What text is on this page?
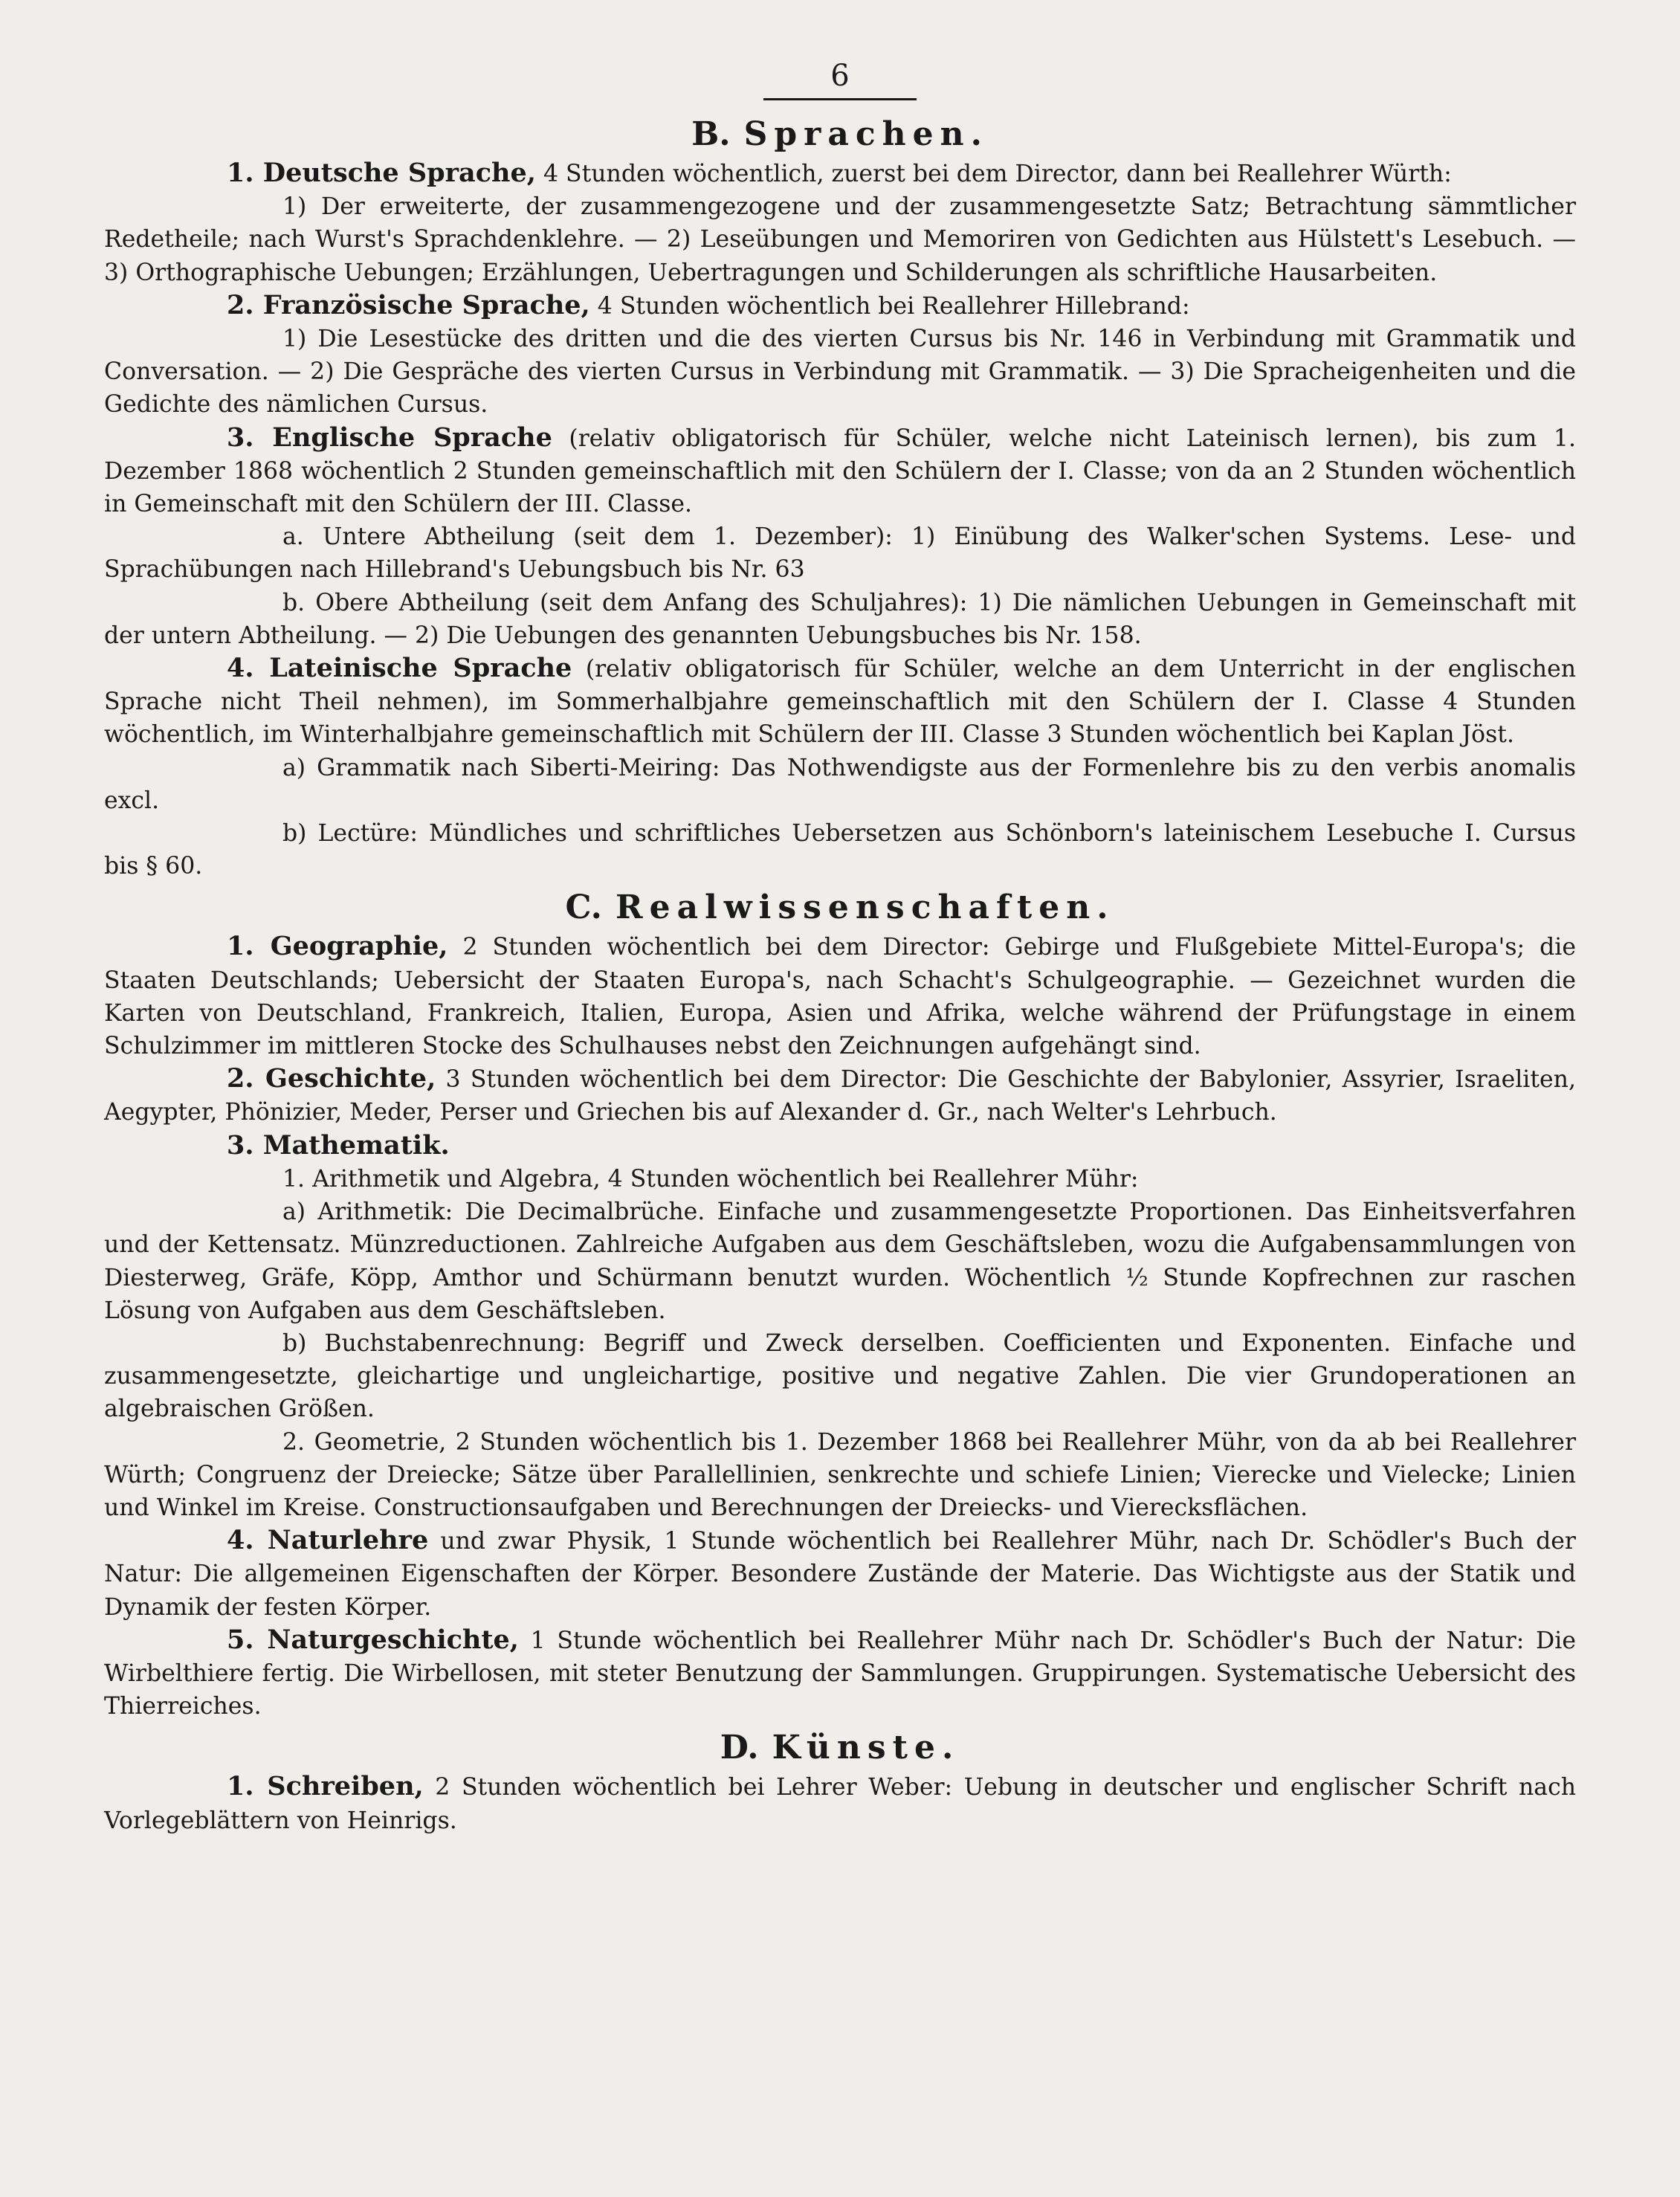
6
B. Sprachen.

1. Deutsche Sprache, 4 Stunden wöchentlich, zuerst bei dem Director, dann bei Reallehrer Würth:

1) Der erweiterte, der zusammengezogene und der zusammengesetzte Satz; Betrachtung sämmtlicher Redetheile; nach Wurst's Sprachdenklehre. — 2) Leseübungen und Memoriren von Gedichten aus Hülstett's Lesebuch. — 3) Orthographische Uebungen; Erzählungen, Uebertragungen und Schilderungen als schriftliche Hausarbeiten.

2. Französische Sprache, 4 Stunden wöchentlich bei Reallehrer Hillebrand:

1) Die Lesestücke des dritten und die des vierten Cursus bis Nr. 146 in Verbindung mit Grammatik und Conversation. — 2) Die Gespräche des vierten Cursus in Verbindung mit Grammatik. — 3) Die Spracheigenheiten und die Gedichte des nämlichen Cursus.

3. Englische Sprache (relativ obligatorisch für Schüler, welche nicht Lateinisch lernen), bis zum 1. Dezember 1868 wöchentlich 2 Stunden gemeinschaftlich mit den Schülern der I. Classe; von da an 2 Stunden wöchentlich in Gemeinschaft mit den Schülern der III. Classe.

a. Untere Abtheilung (seit dem 1. Dezember): 1) Einübung des Walker'schen Systems. Lese- und Sprachübungen nach Hillebrand's Uebungsbuch bis Nr. 63

b. Obere Abtheilung (seit dem Anfang des Schuljahres): 1) Die nämlichen Uebungen in Gemeinschaft mit der untern Abtheilung. — 2) Die Uebungen des genannten Uebungsbuches bis Nr. 158.

4. Lateinische Sprache (relativ obligatorisch für Schüler, welche an dem Unterricht in der englischen Sprache nicht Theil nehmen), im Sommerhalbjahre gemeinschaftlich mit den Schülern der I. Classe 4 Stunden wöchentlich, im Winterhalbjahre gemeinschaftlich mit Schülern der III. Classe 3 Stunden wöchentlich bei Kaplan Jöst.

a) Grammatik nach Siberti-Meiring: Das Nothwendigste aus der Formenlehre bis zu den verbis anomalis excl.

b) Lectüre: Mündliches und schriftliches Uebersetzen aus Schönborn's lateinischem Lesebuche I. Cursus bis § 60.

C. Realwissenschaften.

1. Geographie, 2 Stunden wöchentlich bei dem Director: Gebirge und Flußgebiete Mittel-Europa's; die Staaten Deutschlands; Uebersicht der Staaten Europa's, nach Schacht's Schulgeographie. — Gezeichnet wurden die Karten von Deutschland, Frankreich, Italien, Europa, Asien und Afrika, welche während der Prüfungstage in einem Schulzimmer im mittleren Stocke des Schulhauses nebst den Zeichnungen aufgehängt sind.

2. Geschichte, 3 Stunden wöchentlich bei dem Director: Die Geschichte der Babylonier, Assyrier, Israeliten, Aegypter, Phönizier, Meder, Perser und Griechen bis auf Alexander d. Gr., nach Welter's Lehrbuch.

3. Mathematik.

1. Arithmetik und Algebra, 4 Stunden wöchentlich bei Reallehrer Mühr:

a) Arithmetik: Die Decimalbrüche. Einfache und zusammengesetzte Proportionen. Das Einheitsverfahren und der Kettensatz. Münzreductionen. Zahlreiche Aufgaben aus dem Geschäftsleben, wozu die Aufgabensammlungen von Diesterweg, Gräfe, Köpp, Amthor und Schürmann benutzt wurden. Wöchentlich ½ Stunde Kopfrechnen zur raschen Lösung von Aufgaben aus dem Geschäftsleben.

b) Buchstabenrechnung: Begriff und Zweck derselben. Coefficienten und Exponenten. Einfache und zusammengesetzte, gleichartige und ungleichartige, positive und negative Zahlen. Die vier Grundoperationen an algebraischen Größen.

2. Geometrie, 2 Stunden wöchentlich bis 1. Dezember 1868 bei Reallehrer Mühr, von da ab bei Reallehrer Würth; Congruenz der Dreiecke; Sätze über Parallellinien, senkrechte und schiefe Linien; Vierecke und Vielecke; Linien und Winkel im Kreise. Constructionsaufgaben und Berechnungen der Dreiecks- und Vierecksflächen.

4. Naturlehre und zwar Physik, 1 Stunde wöchentlich bei Reallehrer Mühr, nach Dr. Schödler's Buch der Natur: Die allgemeinen Eigenschaften der Körper. Besondere Zustände der Materie. Das Wichtigste aus der Statik und Dynamik der festen Körper.

5. Naturgeschichte, 1 Stunde wöchentlich bei Reallehrer Mühr nach Dr. Schödler's Buch der Natur: Die Wirbelthiere fertig. Die Wirbellosen, mit steter Benutzung der Sammlungen. Gruppirungen. Systematische Uebersicht des Thierreiches.

D. Künste.

1. Schreiben, 2 Stunden wöchentlich bei Lehrer Weber: Uebung in deutscher und englischer Schrift nach Vorlegeblättern von Heinrigs.
